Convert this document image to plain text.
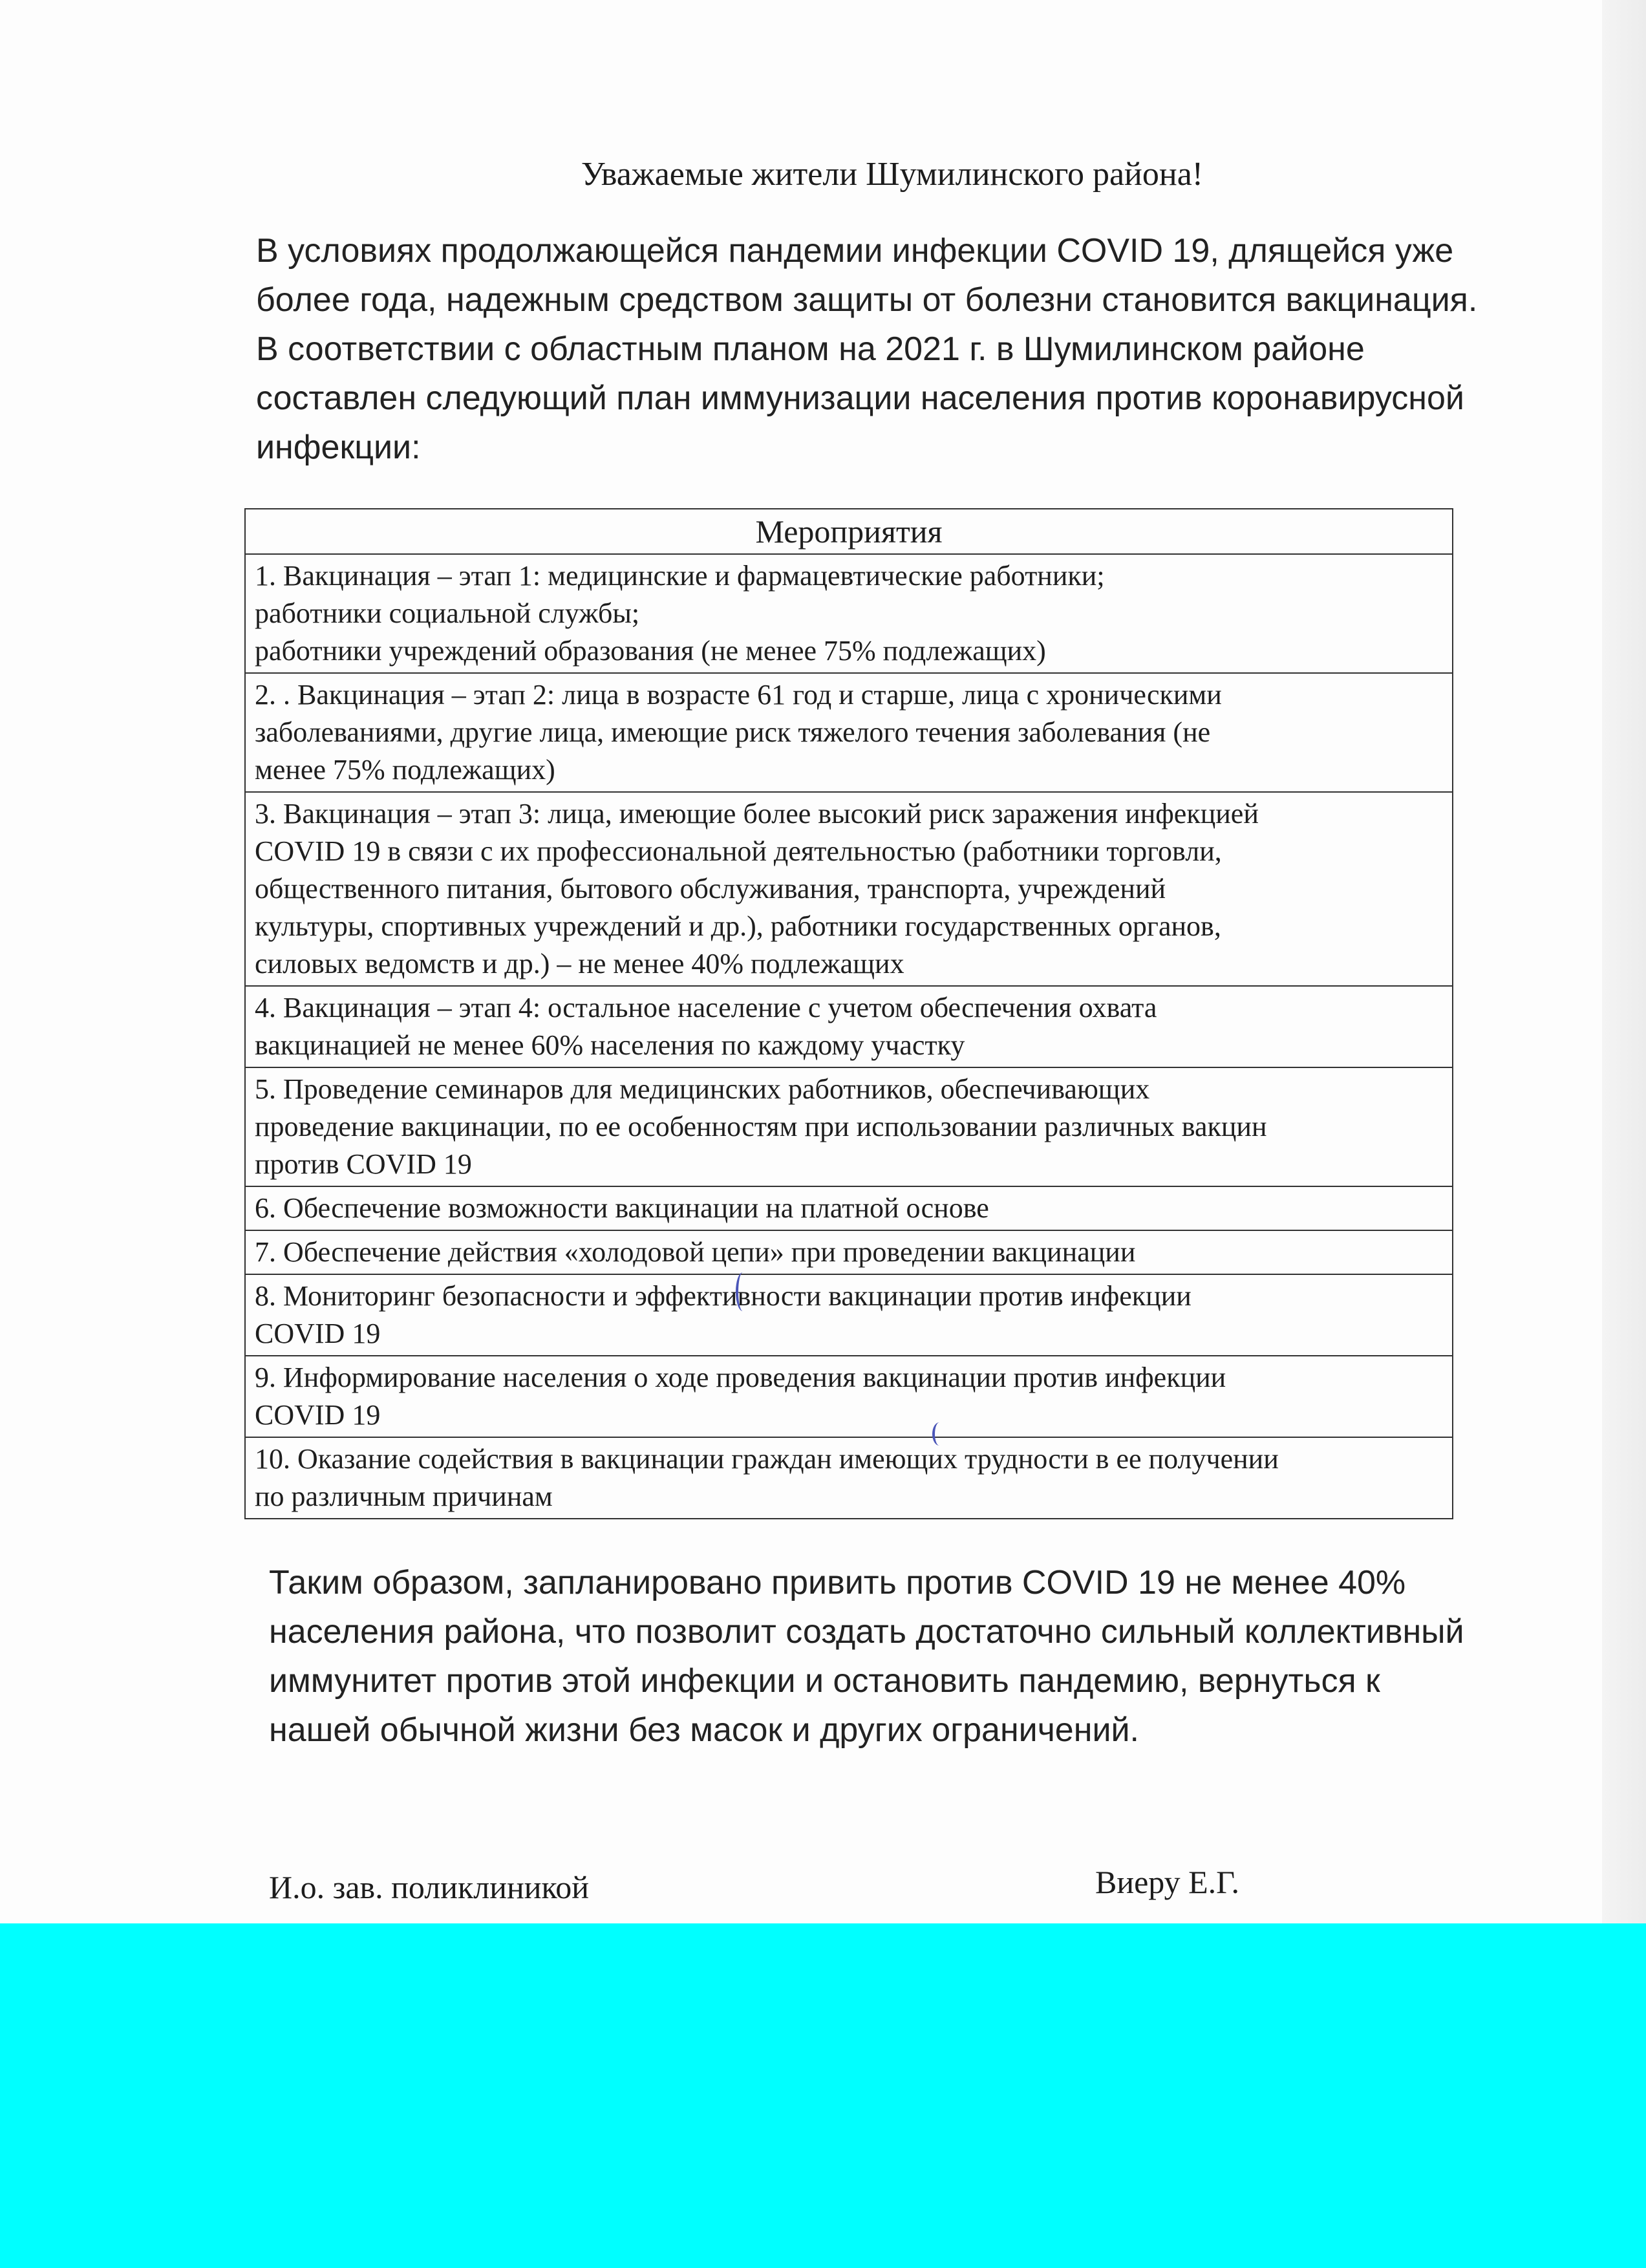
Уважаемые жители Шумилинского района!
В условиях продолжающейся пандемии инфекции COVID 19, длящейся уже
более года, надежным средством защиты от болезни становится вакцинация.
В соответствии с областным планом на 2021 г. в Шумилинском районе
составлен следующий план иммунизации населения против коронавирусной
инфекции:
Мероприятия

1. Вакцинация – этап 1: медицинские и фармацевтические работники;
работники социальной службы;
работники учреждений образования (не менее 75% подлежащих)

2. . Вакцинация – этап 2: лица в возрасте 61 год и старше, лица с хроническими
заболеваниями, другие лица, имеющие риск тяжелого течения заболевания (не
менее 75% подлежащих)

3. Вакцинация – этап 3: лица, имеющие более высокий риск заражения инфекцией
COVID 19 в связи с их профессиональной деятельностью (работники торговли,
общественного питания, бытового обслуживания, транспорта, учреждений
культуры, спортивных учреждений и др.), работники государственных органов,
силовых ведомств и др.) – не менее 40% подлежащих

4. Вакцинация – этап 4: остальное население с учетом обеспечения охвата
вакцинацией не менее 60% населения по каждому участку

5. Проведение семинаров для медицинских работников, обеспечивающих
проведение вакцинации, по ее особенностям при использовании различных вакцин
против COVID 19

6. Обеспечение возможности вакцинации на платной основе

7. Обеспечение действия «холодовой цепи» при проведении вакцинации

8. Мониторинг безопасности и эффективности вакцинации против инфекции
COVID 19

9. Информирование населения о ходе проведения вакцинации против инфекции
COVID 19

10. Оказание содействия в вакцинации граждан имеющих трудности в ее получении
по различным причинам
Таким образом, запланировано привить против COVID 19 не менее 40%
населения района, что позволит создать достаточно сильный коллективный
иммунитет против этой инфекции и остановить пандемию, вернуться к
нашей обычной жизни без масок и других ограничений.
И.о. зав. поликлиникой	Виеру Е.Г.
